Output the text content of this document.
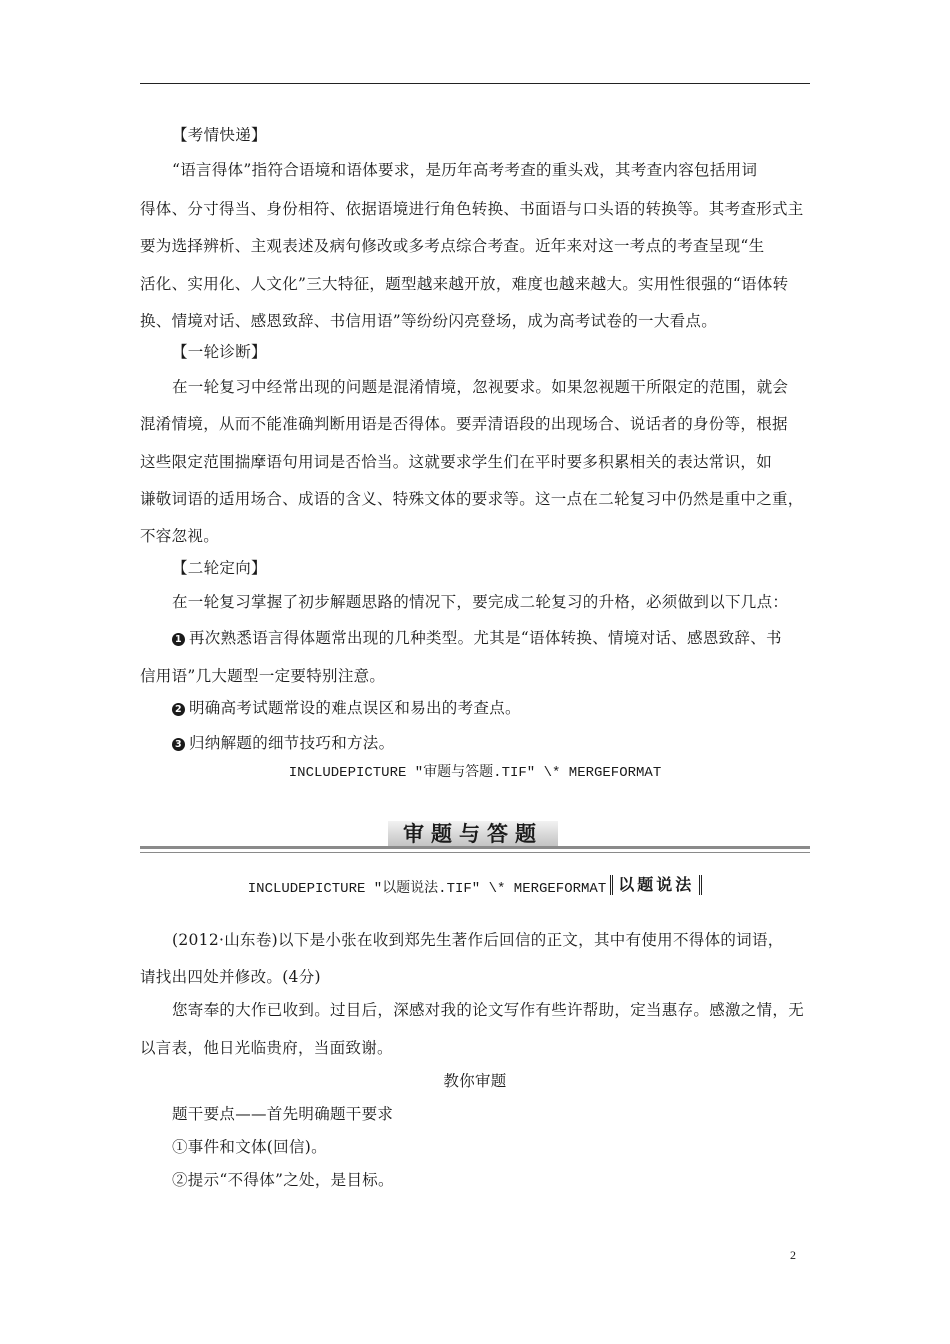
【考情快递】
“语言得体”指符合语境和语体要求，是历年高考考查的重头戏，其考查内容包括用词
得体、分寸得当、身份相符、依据语境进行角色转换、书面语与口头语的转换等。其考查形式主
要为选择辨析、主观表述及病句修改或多考点综合考查。近年来对这一考点的考查呈现“生
活化、实用化、人文化”三大特征，题型越来越开放，难度也越来越大。实用性很强的“语体转
换、情境对话、感恩致辞、书信用语”等纷纷闪亮登场，成为高考试卷的一大看点。
【一轮诊断】
在一轮复习中经常出现的问题是混淆情境，忽视要求。如果忽视题干所限定的范围，就会
混淆情境，从而不能准确判断用语是否得体。要弄清语段的出现场合、说话者的身份等，根据
这些限定范围揣摩语句用词是否恰当。这就要求学生们在平时要多积累相关的表达常识，如
谦敬词语的适用场合、成语的含义、特殊文体的要求等。这一点在二轮复习中仍然是重中之重，
不容忽视。
【二轮定向】
在一轮复习掌握了初步解题思路的情况下，要完成二轮复习的升格，必须做到以下几点：
1 再次熟悉语言得体题常出现的几种类型。尤其是“语体转换、情境对话、感恩致辞、书
信用语”几大题型一定要特别注意。
2 明确高考试题常设的难点误区和易出的考查点。
3 归纳解题的细节技巧和方法。
INCLUDEPICTURE "审题与答题.TIF" \* MERGEFORMAT
审题与答题
INCLUDEPICTURE "以题说法.TIF" \* MERGEFORMAT 以题说法
(2012·山东卷)以下是小张在收到郑先生著作后回信的正文，其中有使用不得体的词语，
请找出四处并修改。(4分)
您寄奉的大作已收到。过目后，深感对我的论文写作有些许帮助，定当惠存。感激之情，无
以言表，他日光临贵府，当面致谢。
教你审题
题干要点——首先明确题干要求
①事件和文体(回信)。
②提示“不得体”之处，是目标。
2
